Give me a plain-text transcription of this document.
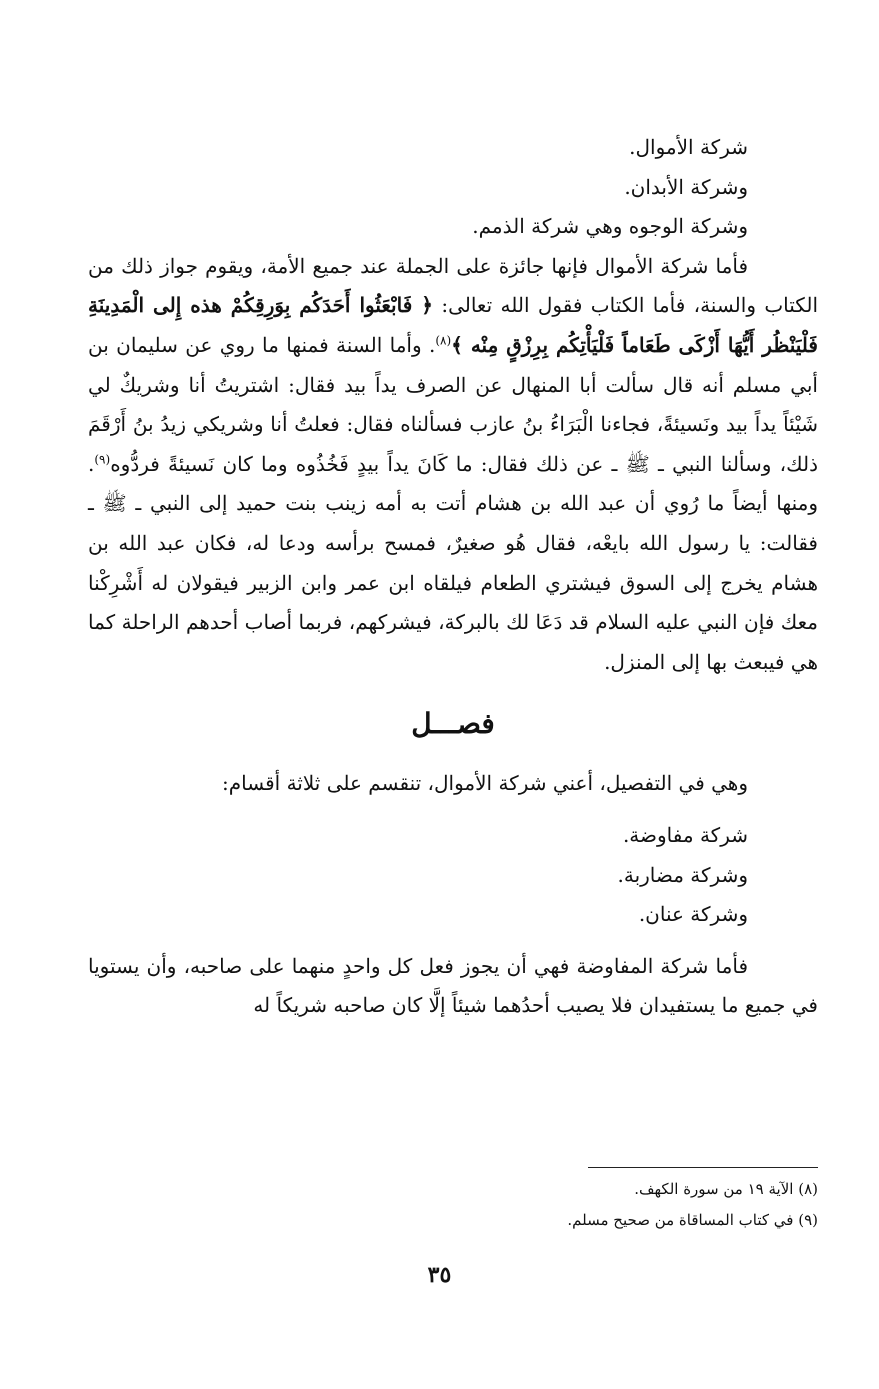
شركة الأموال.

وشركة الأبدان.

وشركة الوجوه وهي شركة الذمم.

فأما شركة الأموال فإنها جائزة على الجملة عند جميع الأمة، ويقوم جواز ذلك من الكتاب والسنة، فأما الكتاب فقول الله تعالى: ﴿ فَابْعَثُوا أَحَدَكُم بِوَرِقِكُمْ هذه إِلى الْمَدِينَةِ فَلْيَنْظُر أَيُّهَا أَزْكَى طَعَاماً فَلْيَأْتِكُم بِرِزْقٍ مِنْه ﴾$^{(٨)}$. وأما السنة فمنها ما روي عن سليمان بن أبي مسلم أنه قال سألت أبا المنهال عن الصرف يداً بيد فقال: اشتريتُ أنا وشريكٌ لي شَيْئاً يداً بيد ونَسيئةً، فجاءنا الْبَرَاءُ بنُ عازب فسألناه فقال: فعلتُ أنا وشريكي زيدُ بنُ أَرْقَمَ ذلك، وسألنا النبي ـ ﷺ ـ عن ذلك فقال: ما كَانَ يداً بيدٍ فَخُذُوه وما كان نَسيئةً فردُّوه$^{(٩)}$. ومنها أيضاً ما رُوي أن عبد الله بن هشام أتت به أمه زينب بنت حميد إلى النبي ـ ﷺ ـ فقالت: يا رسول الله بايعْه، فقال هُو صغيرٌ، فمسح برأسه ودعا له، فكان عبد الله بن هشام يخرج إلى السوق فيشتري الطعام فيلقاه ابن عمر وابن الزبير فيقولان له أَشْرِكْنا معك فإن النبي عليه السلام قد دَعَا لك بالبركة، فيشركهم، فربما أصاب أحدهم الراحلة كما هي فيبعث بها إلى المنزل.

فصـــل

وهي في التفصيل، أعني شركة الأموال، تنقسم على ثلاثة أقسام:

شركة مفاوضة.

وشركة مضاربة.

وشركة عنان.

فأما شركة المفاوضة فهي أن يجوز فعل كل واحدٍ منهما على صاحبه، وأن يستويا في جميع ما يستفيدان فلا يصيب أحدُهما شيئاً إلَّا كان صاحبه شريكاً له

(٨) الآية ١٩ من سورة الكهف.

(٩) في كتاب المساقاة من صحيح مسلم.

٣٥
